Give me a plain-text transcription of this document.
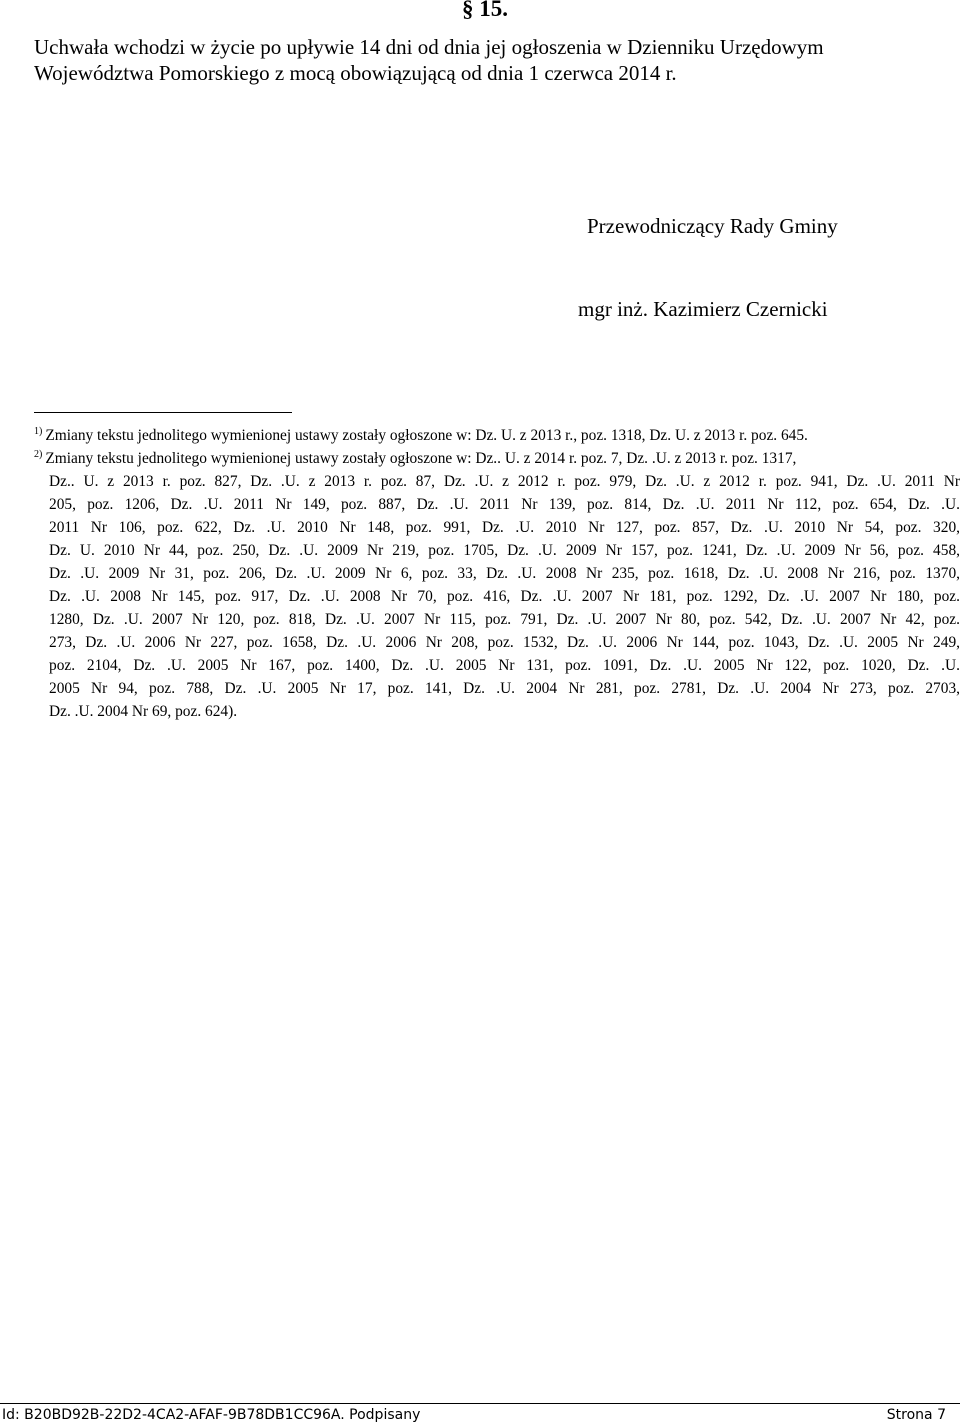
§ 15.
Uchwała wchodzi w życie po upływie 14 dni od dnia jej ogłoszenia w Dzienniku Urzędowym
Województwa Pomorskiego z mocą obowiązującą od dnia 1 czerwca 2014 r.
Przewodniczący Rady Gminy
mgr inż. Kazimierz Czernicki
$^{1)}$ Zmiany tekstu jednolitego wymienionej ustawy zostały ogłoszone w: Dz. U. z 2013 r., poz. 1318, Dz. U. z 2013 r. poz. 645.
$^{2)}$ Zmiany tekstu jednolitego wymienionej ustawy zostały ogłoszone w: Dz.. U. z 2014 r. poz. 7, Dz. .U. z 2013 r. poz. 1317,
Dz.. U. z 2013 r. poz. 827, Dz. .U. z 2013 r. poz. 87, Dz. .U. z 2012 r. poz. 979, Dz. .U. z 2012 r. poz. 941, Dz. .U. 2011 Nr
205, poz. 1206, Dz. .U. 2011 Nr 149, poz. 887, Dz. .U. 2011 Nr 139, poz. 814, Dz. .U. 2011 Nr 112, poz. 654, Dz. .U.
2011 Nr 106, poz. 622, Dz. .U. 2010 Nr 148, poz. 991, Dz. .U. 2010 Nr 127, poz. 857, Dz. .U. 2010 Nr 54, poz. 320,
Dz. U. 2010 Nr 44, poz. 250, Dz. .U. 2009 Nr 219, poz. 1705, Dz. .U. 2009 Nr 157, poz. 1241, Dz. .U. 2009 Nr 56, poz. 458,
Dz. .U. 2009 Nr 31, poz. 206, Dz. .U. 2009 Nr 6, poz. 33, Dz. .U. 2008 Nr 235, poz. 1618, Dz. .U. 2008 Nr 216, poz. 1370,
Dz. .U. 2008 Nr 145, poz. 917, Dz. .U. 2008 Nr 70, poz. 416, Dz. .U. 2007 Nr 181, poz. 1292, Dz. .U. 2007 Nr 180, poz.
1280, Dz. .U. 2007 Nr 120, poz. 818, Dz. .U. 2007 Nr 115, poz. 791, Dz. .U. 2007 Nr 80, poz. 542, Dz. .U. 2007 Nr 42, poz.
273, Dz. .U. 2006 Nr 227, poz. 1658, Dz. .U. 2006 Nr 208, poz. 1532, Dz. .U. 2006 Nr 144, poz. 1043, Dz. .U. 2005 Nr 249,
poz. 2104, Dz. .U. 2005 Nr 167, poz. 1400, Dz. .U. 2005 Nr 131, poz. 1091, Dz. .U. 2005 Nr 122, poz. 1020, Dz. .U.
2005 Nr 94, poz. 788, Dz. .U. 2005 Nr 17, poz. 141, Dz. .U. 2004 Nr 281, poz. 2781, Dz. .U. 2004 Nr 273, poz. 2703,
Dz. .U. 2004 Nr 69, poz. 624).
Id: B20BD92B-22D2-4CA2-AFAF-9B78DB1CC96A. Podpisany	Strona 7
